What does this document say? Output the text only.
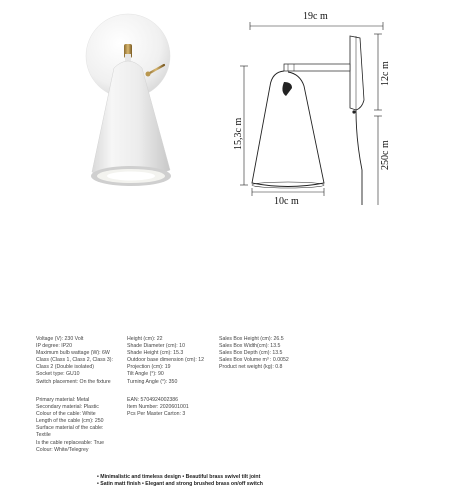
19c m
12c m
250c m
15,3c m
10c m
Voltage (V): 230 Volt
IP degree: IP20
Maximum bulb wattage (W): 6W
Class (Class 1, Class 2, Class 3):
Class 2 (Double isolated)
Socket type: GU10
Switch placement: On the fixture
Height (cm): 22
Shade Diameter (cm): 10
Shade Height (cm): 15.3
Outdoor base dimension (cm): 12
Projection (cm): 19
Tilt Angle (°): 90
Turning Angle (°): 350
Sales Box Height (cm): 26.5
Sales Box Width(cm): 13.5
Sales Box Depth (cm): 13.5
Sales Box Volume m³ : 0.0052
Product net weight (kg): 0.8
Primary material: Metal
Secondary material: Plastic
Colour of the cable: White
Length of the cable (cm): 250
Surface material of the cable:
Textile
Is the cable replaceable: True
Colour: White/Telegrey
EAN: 5704924002386
Item Number: 2020601001
Pcs Per Master Carton: 3
• Minimalistic and timeless design • Beautiful brass swivel tilt joint
• Satin matt finish • Elegant and strong brushed brass on/off switch
